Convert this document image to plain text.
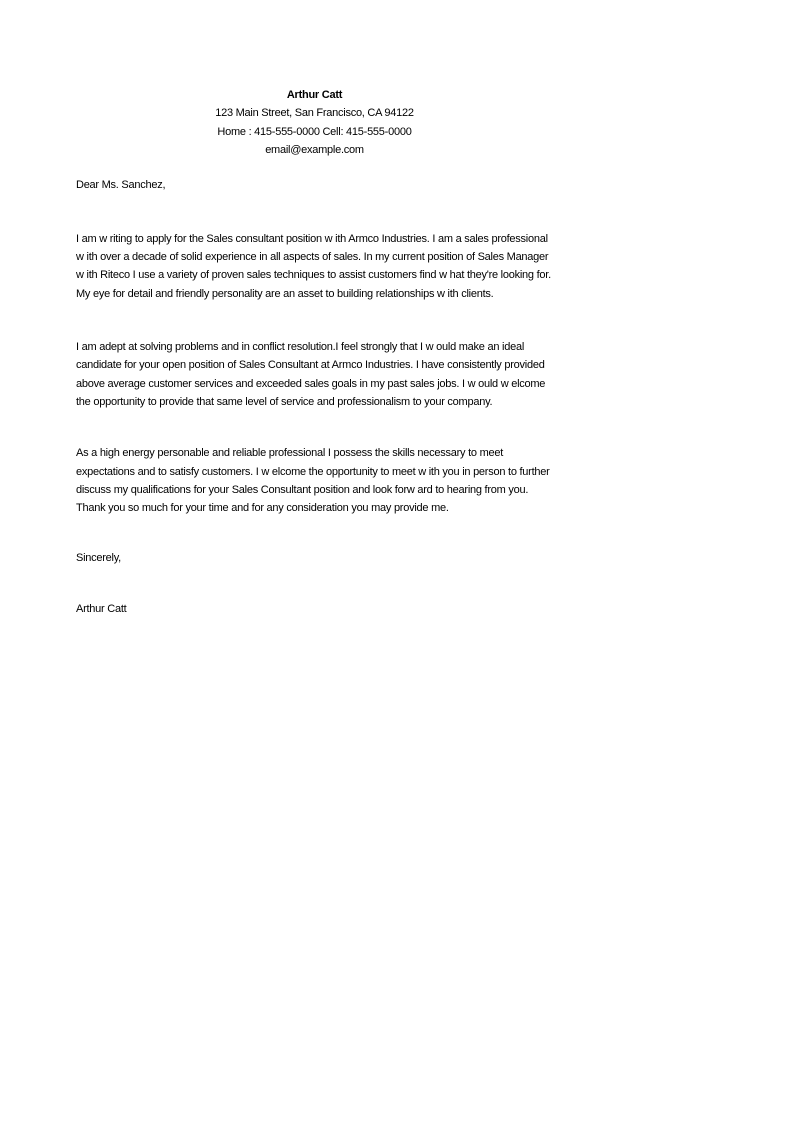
Arthur Catt
123 Main Street, San Francisco, CA 94122
Home : 415-555-0000 Cell: 415-555-0000
email@example.com

Dear Ms. Sanchez,

I am w riting to apply for the Sales consultant position w ith Armco Industries. I am a sales professional w ith over a decade of solid experience in all aspects of sales. In my current position of Sales Manager w ith Riteco I use a variety of proven sales techniques to assist customers find w hat they're looking for. My eye for detail and friendly personality are an asset to building relationships w ith clients.

I am adept at solving problems and in conflict resolution.I feel strongly that I w ould make an ideal candidate for your open position of Sales Consultant at Armco Industries. I have consistently provided above average customer services and exceeded sales goals in my past sales jobs. I w ould w elcome the opportunity to provide that same level of service and professionalism to your company.

As a high energy personable and reliable professional I possess the skills necessary to meet expectations and to satisfy customers. I w elcome the opportunity to meet w ith you in person to further discuss my qualifications for your Sales Consultant position and look forw ard to hearing from you. Thank you so much for your time and for any consideration you may provide me.

Sincerely,

Arthur Catt
